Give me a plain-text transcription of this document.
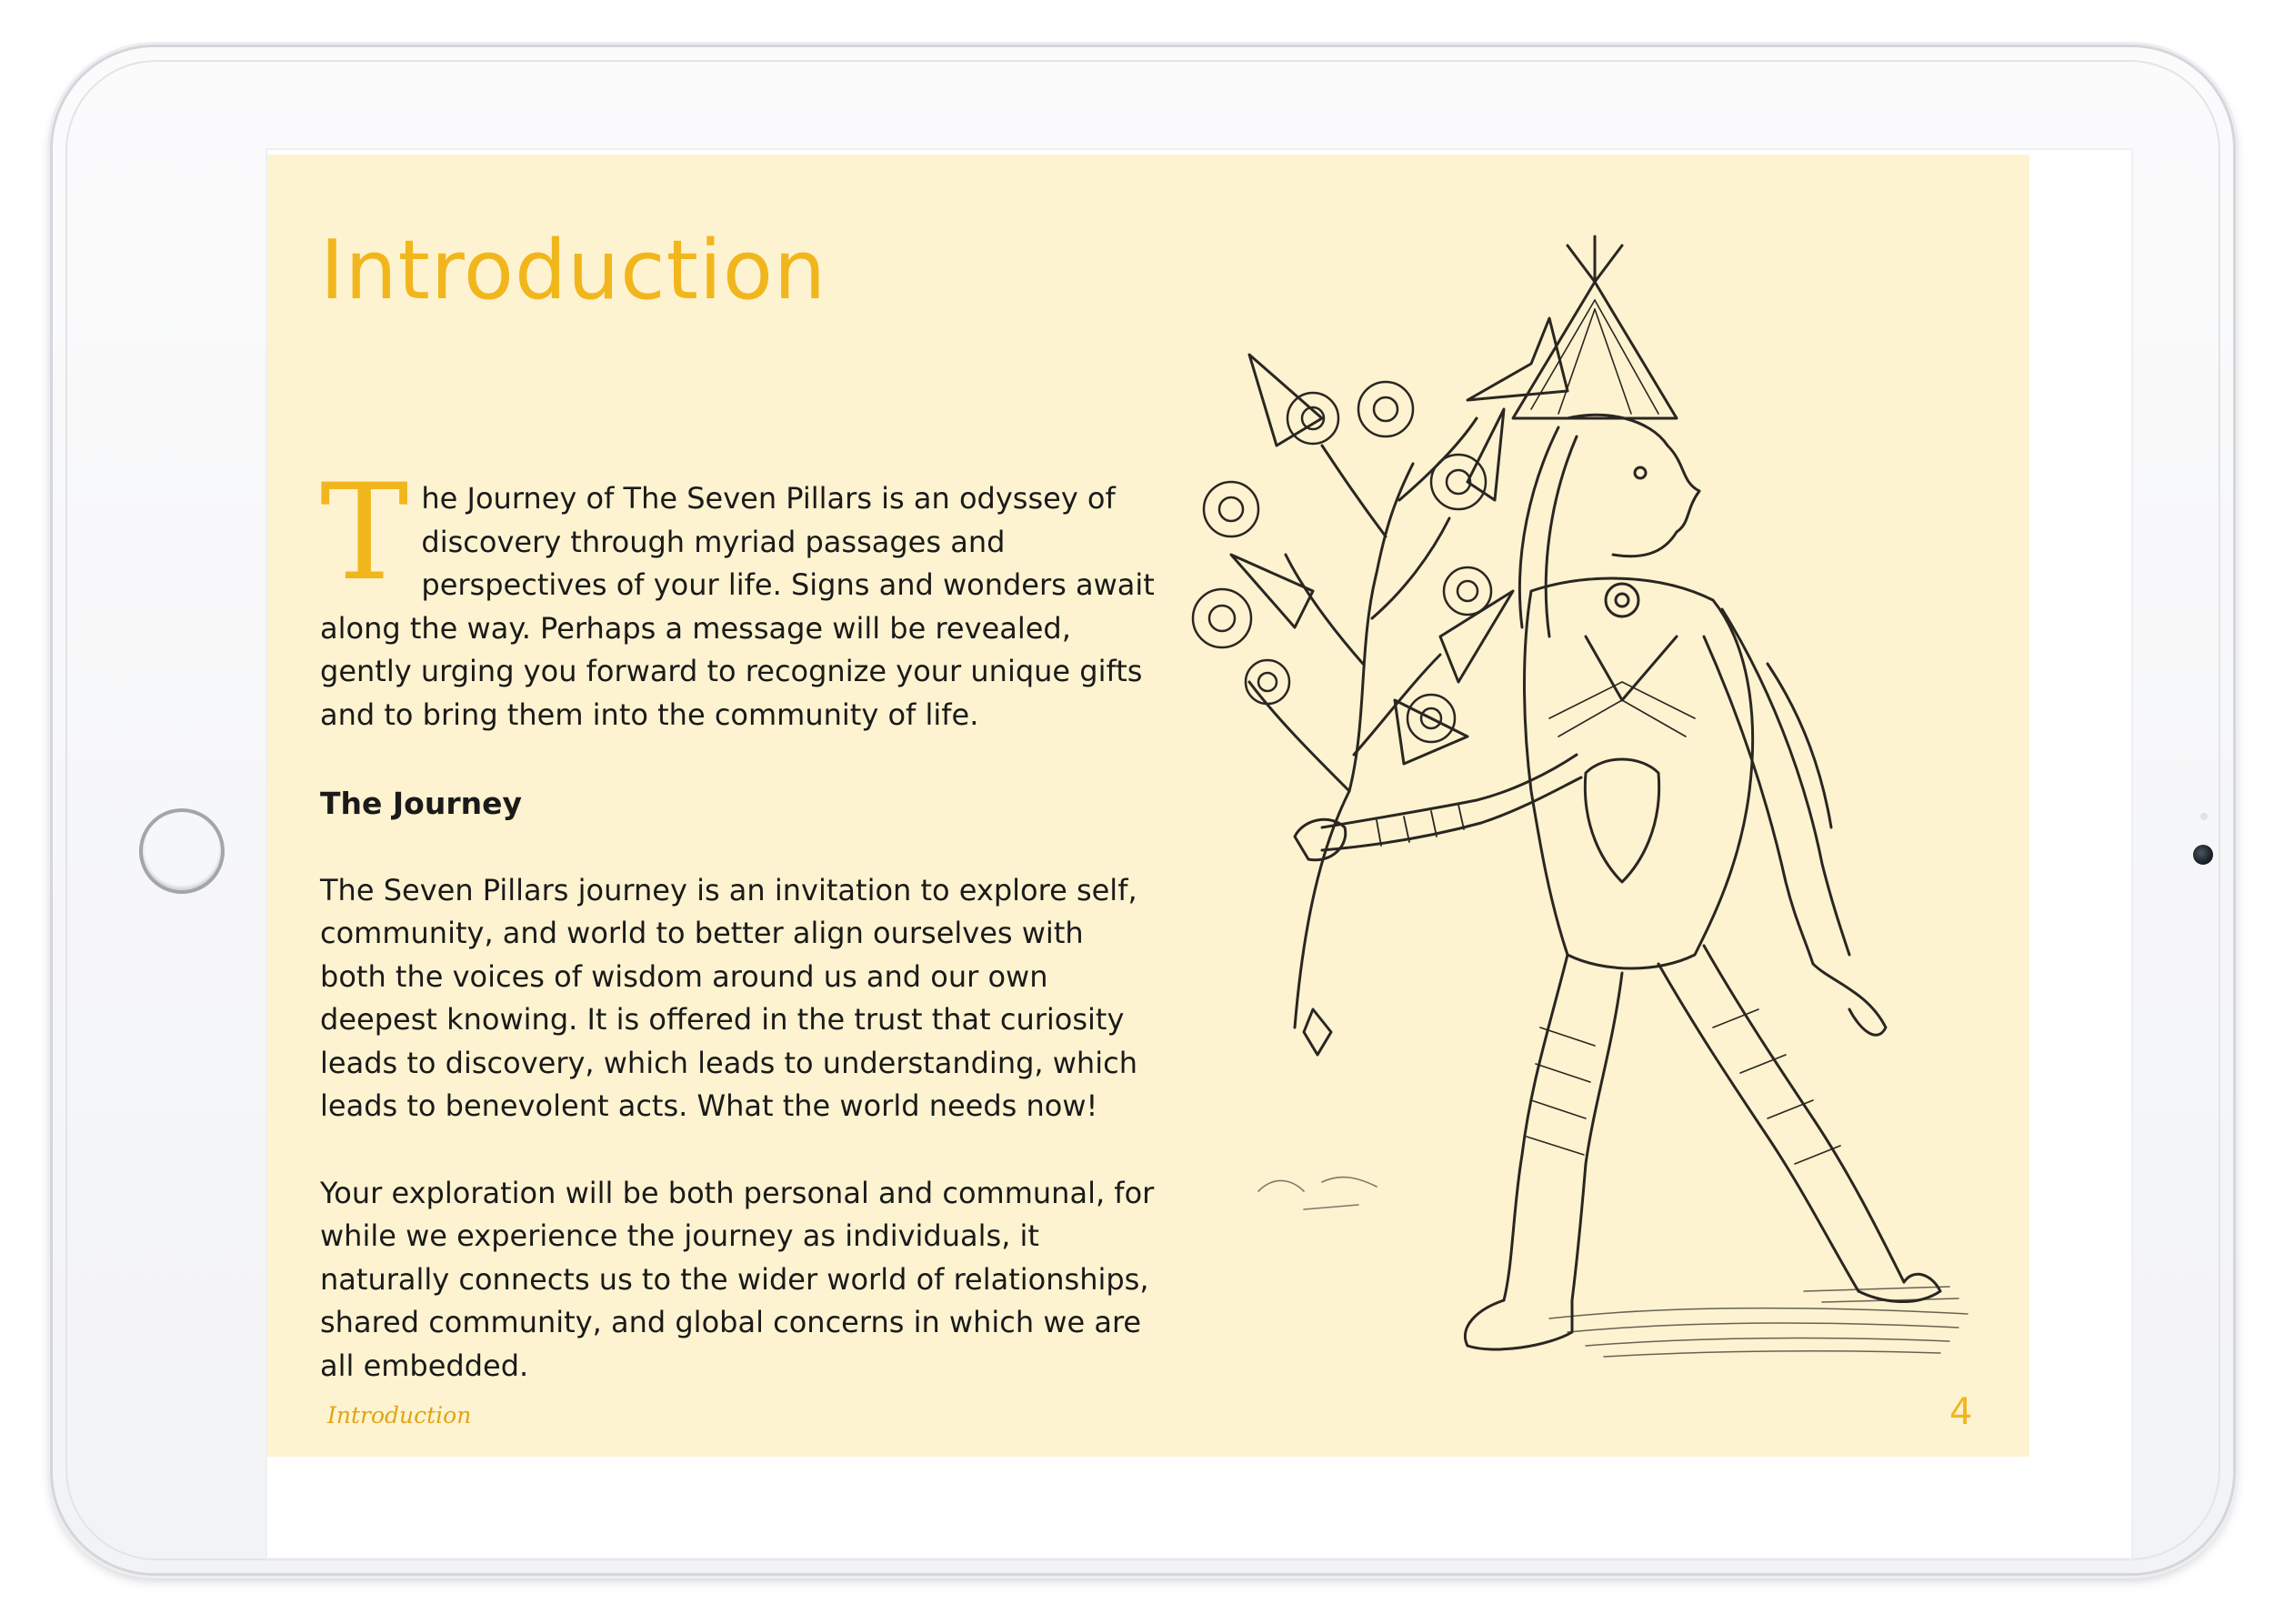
Introduction

The Journey of The Seven Pillars is an odyssey of discovery through myriad passages and perspectives of your life. Signs and wonders await along the way. Perhaps a message will be revealed, gently urging you forward to recognize your unique gifts and to bring them into the community of life.

The Journey

The Seven Pillars journey is an invitation to explore self, community, and world to better align ourselves with both the voices of wisdom around us and our own deepest knowing. It is offered in the trust that curiosity leads to discovery, which leads to understanding, which leads to benevolent acts. What the world needs now!

Your exploration will be both personal and communal, for while we experience the journey as individuals, it naturally connects us to the wider world of relationships, shared community, and global concerns in which we are all embedded.

Introduction	4
